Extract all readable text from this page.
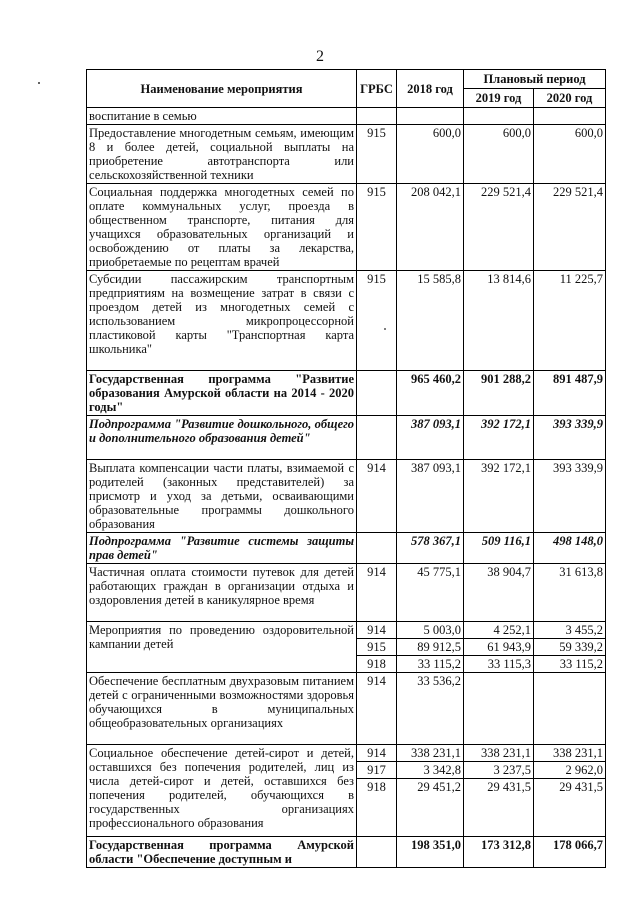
2
Наименование мероприятия	ГРБС	2018 год	Плановый период	
			2019 год	2020 год
воспитание в семью				
Предоставление многодетным семьям, имеющим 8 и более детей, социальной выплаты на приобретение автотранспорта или сельскохозяйственной техники	915	600,0	600,0	600,0
Социальная поддержка многодетных семей по оплате коммунальных услуг, проезда в общественном транспорте, питания для учащихся образовательных организаций и освобождению от платы за лекарства, приобретаемые по рецептам врачей	915	208 042,1	229 521,4	229 521,4
Субсидии пассажирским транспортным предприятиям на возмещение затрат в связи с проездом детей из многодетных семей с использованием микропроцессорной пластиковой карты "Транспортная карта школьника"	915	15 585,8	13 814,6	11 225,7
Государственная программа "Развитие образования Амурской области на 2014 - 2020 годы"		965 460,2	901 288,2	891 487,9
Подпрограмма "Развитие дошкольного, общего и дополнительного образования детей"		387 093,1	392 172,1	393 339,9
Выплата компенсации части платы, взимаемой с родителей (законных представителей) за присмотр и уход за детьми, осваивающими образовательные программы дошкольного образования	914	387 093,1	392 172,1	393 339,9
Подпрограмма "Развитие системы защиты прав детей"		578 367,1	509 116,1	498 148,0
Частичная оплата стоимости путевок для детей работающих граждан в организации отдыха и оздоровления детей в каникулярное время	914	45 775,1	38 904,7	31 613,8
Мероприятия по проведению оздоровительной кампании детей	914	5 003,0	4 252,1	3 455,2
	915	89 912,5	61 943,9	59 339,2
	918	33 115,2	33 115,3	33 115,2
Обеспечение бесплатным двухразовым питанием детей с ограниченными возможностями здоровья обучающихся в муниципальных общеобразовательных организациях	914	33 536,2		
Социальное обеспечение детей-сирот и детей, оставшихся без попечения родителей, лиц из числа детей-сирот и детей, оставшихся без попечения родителей, обучающихся в государственных организациях профессионального образования	914	338 231,1	338 231,1	338 231,1
	917	3 342,8	3 237,5	2 962,0
	918	29 451,2	29 431,5	29 431,5
Государственная программа Амурской области "Обеспечение доступным и		198 351,0	173 312,8	178 066,7
